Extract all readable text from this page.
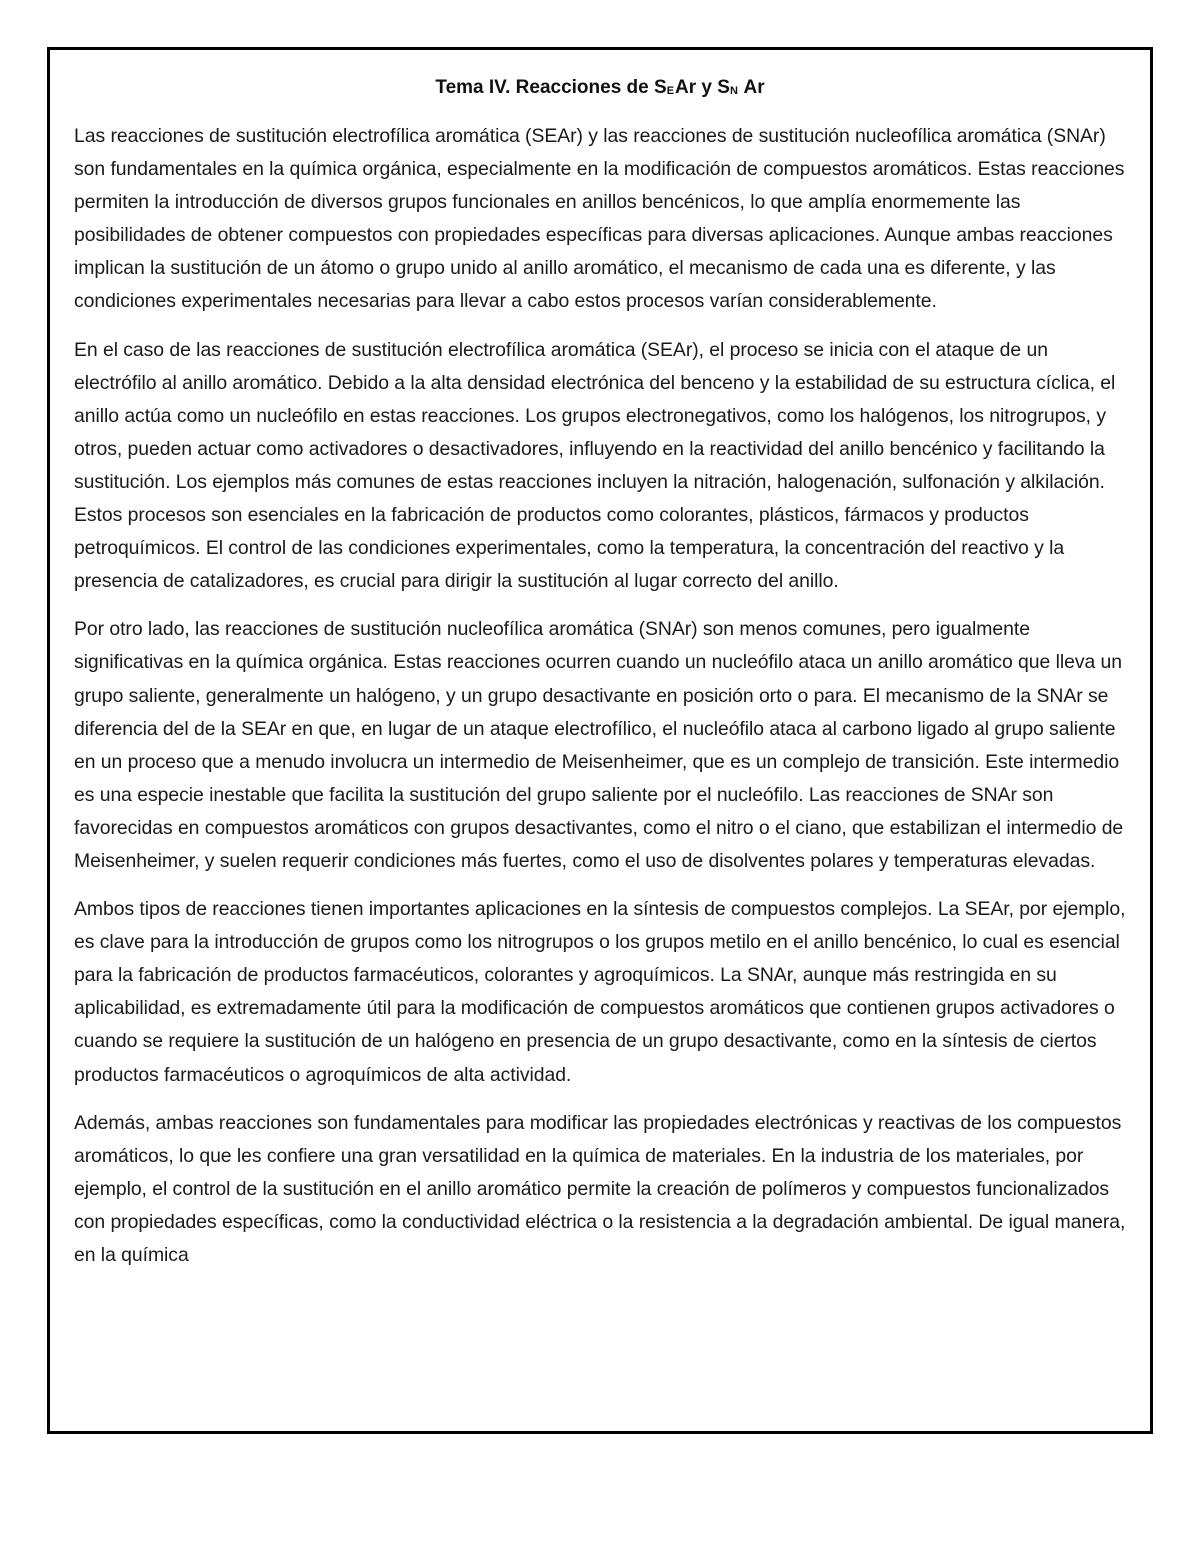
Tema IV. Reacciones de $S_EAr$ y $S_N$ Ar

Las reacciones de sustitución electrofílica aromática (SEAr) y las reacciones de sustitución nucleofílica aromática (SNAr) son fundamentales en la química orgánica, especialmente en la modificación de compuestos aromáticos. Estas reacciones permiten la introducción de diversos grupos funcionales en anillos bencénicos, lo que amplía enormemente las posibilidades de obtener compuestos con propiedades específicas para diversas aplicaciones. Aunque ambas reacciones implican la sustitución de un átomo o grupo unido al anillo aromático, el mecanismo de cada una es diferente, y las condiciones experimentales necesarias para llevar a cabo estos procesos varían considerablemente.

En el caso de las reacciones de sustitución electrofílica aromática (SEAr), el proceso se inicia con el ataque de un electrófilo al anillo aromático. Debido a la alta densidad electrónica del benceno y la estabilidad de su estructura cíclica, el anillo actúa como un nucleófilo en estas reacciones. Los grupos electronegativos, como los halógenos, los nitrogrupos, y otros, pueden actuar como activadores o desactivadores, influyendo en la reactividad del anillo bencénico y facilitando la sustitución. Los ejemplos más comunes de estas reacciones incluyen la nitración, halogenación, sulfonación y alkilación. Estos procesos son esenciales en la fabricación de productos como colorantes, plásticos, fármacos y productos petroquímicos. El control de las condiciones experimentales, como la temperatura, la concentración del reactivo y la presencia de catalizadores, es crucial para dirigir la sustitución al lugar correcto del anillo.

Por otro lado, las reacciones de sustitución nucleofílica aromática (SNAr) son menos comunes, pero igualmente significativas en la química orgánica. Estas reacciones ocurren cuando un nucleófilo ataca un anillo aromático que lleva un grupo saliente, generalmente un halógeno, y un grupo desactivante en posición orto o para. El mecanismo de la SNAr se diferencia del de la SEAr en que, en lugar de un ataque electrofílico, el nucleófilo ataca al carbono ligado al grupo saliente en un proceso que a menudo involucra un intermedio de Meisenheimer, que es un complejo de transición. Este intermedio es una especie inestable que facilita la sustitución del grupo saliente por el nucleófilo. Las reacciones de SNAr son favorecidas en compuestos aromáticos con grupos desactivantes, como el nitro o el ciano, que estabilizan el intermedio de Meisenheimer, y suelen requerir condiciones más fuertes, como el uso de disolventes polares y temperaturas elevadas.

Ambos tipos de reacciones tienen importantes aplicaciones en la síntesis de compuestos complejos. La SEAr, por ejemplo, es clave para la introducción de grupos como los nitrogrupos o los grupos metilo en el anillo bencénico, lo cual es esencial para la fabricación de productos farmacéuticos, colorantes y agroquímicos. La SNAr, aunque más restringida en su aplicabilidad, es extremadamente útil para la modificación de compuestos aromáticos que contienen grupos activadores o cuando se requiere la sustitución de un halógeno en presencia de un grupo desactivante, como en la síntesis de ciertos productos farmacéuticos o agroquímicos de alta actividad.

Además, ambas reacciones son fundamentales para modificar las propiedades electrónicas y reactivas de los compuestos aromáticos, lo que les confiere una gran versatilidad en la química de materiales. En la industria de los materiales, por ejemplo, el control de la sustitución en el anillo aromático permite la creación de polímeros y compuestos funcionalizados con propiedades específicas, como la conductividad eléctrica o la resistencia a la degradación ambiental. De igual manera, en la química
